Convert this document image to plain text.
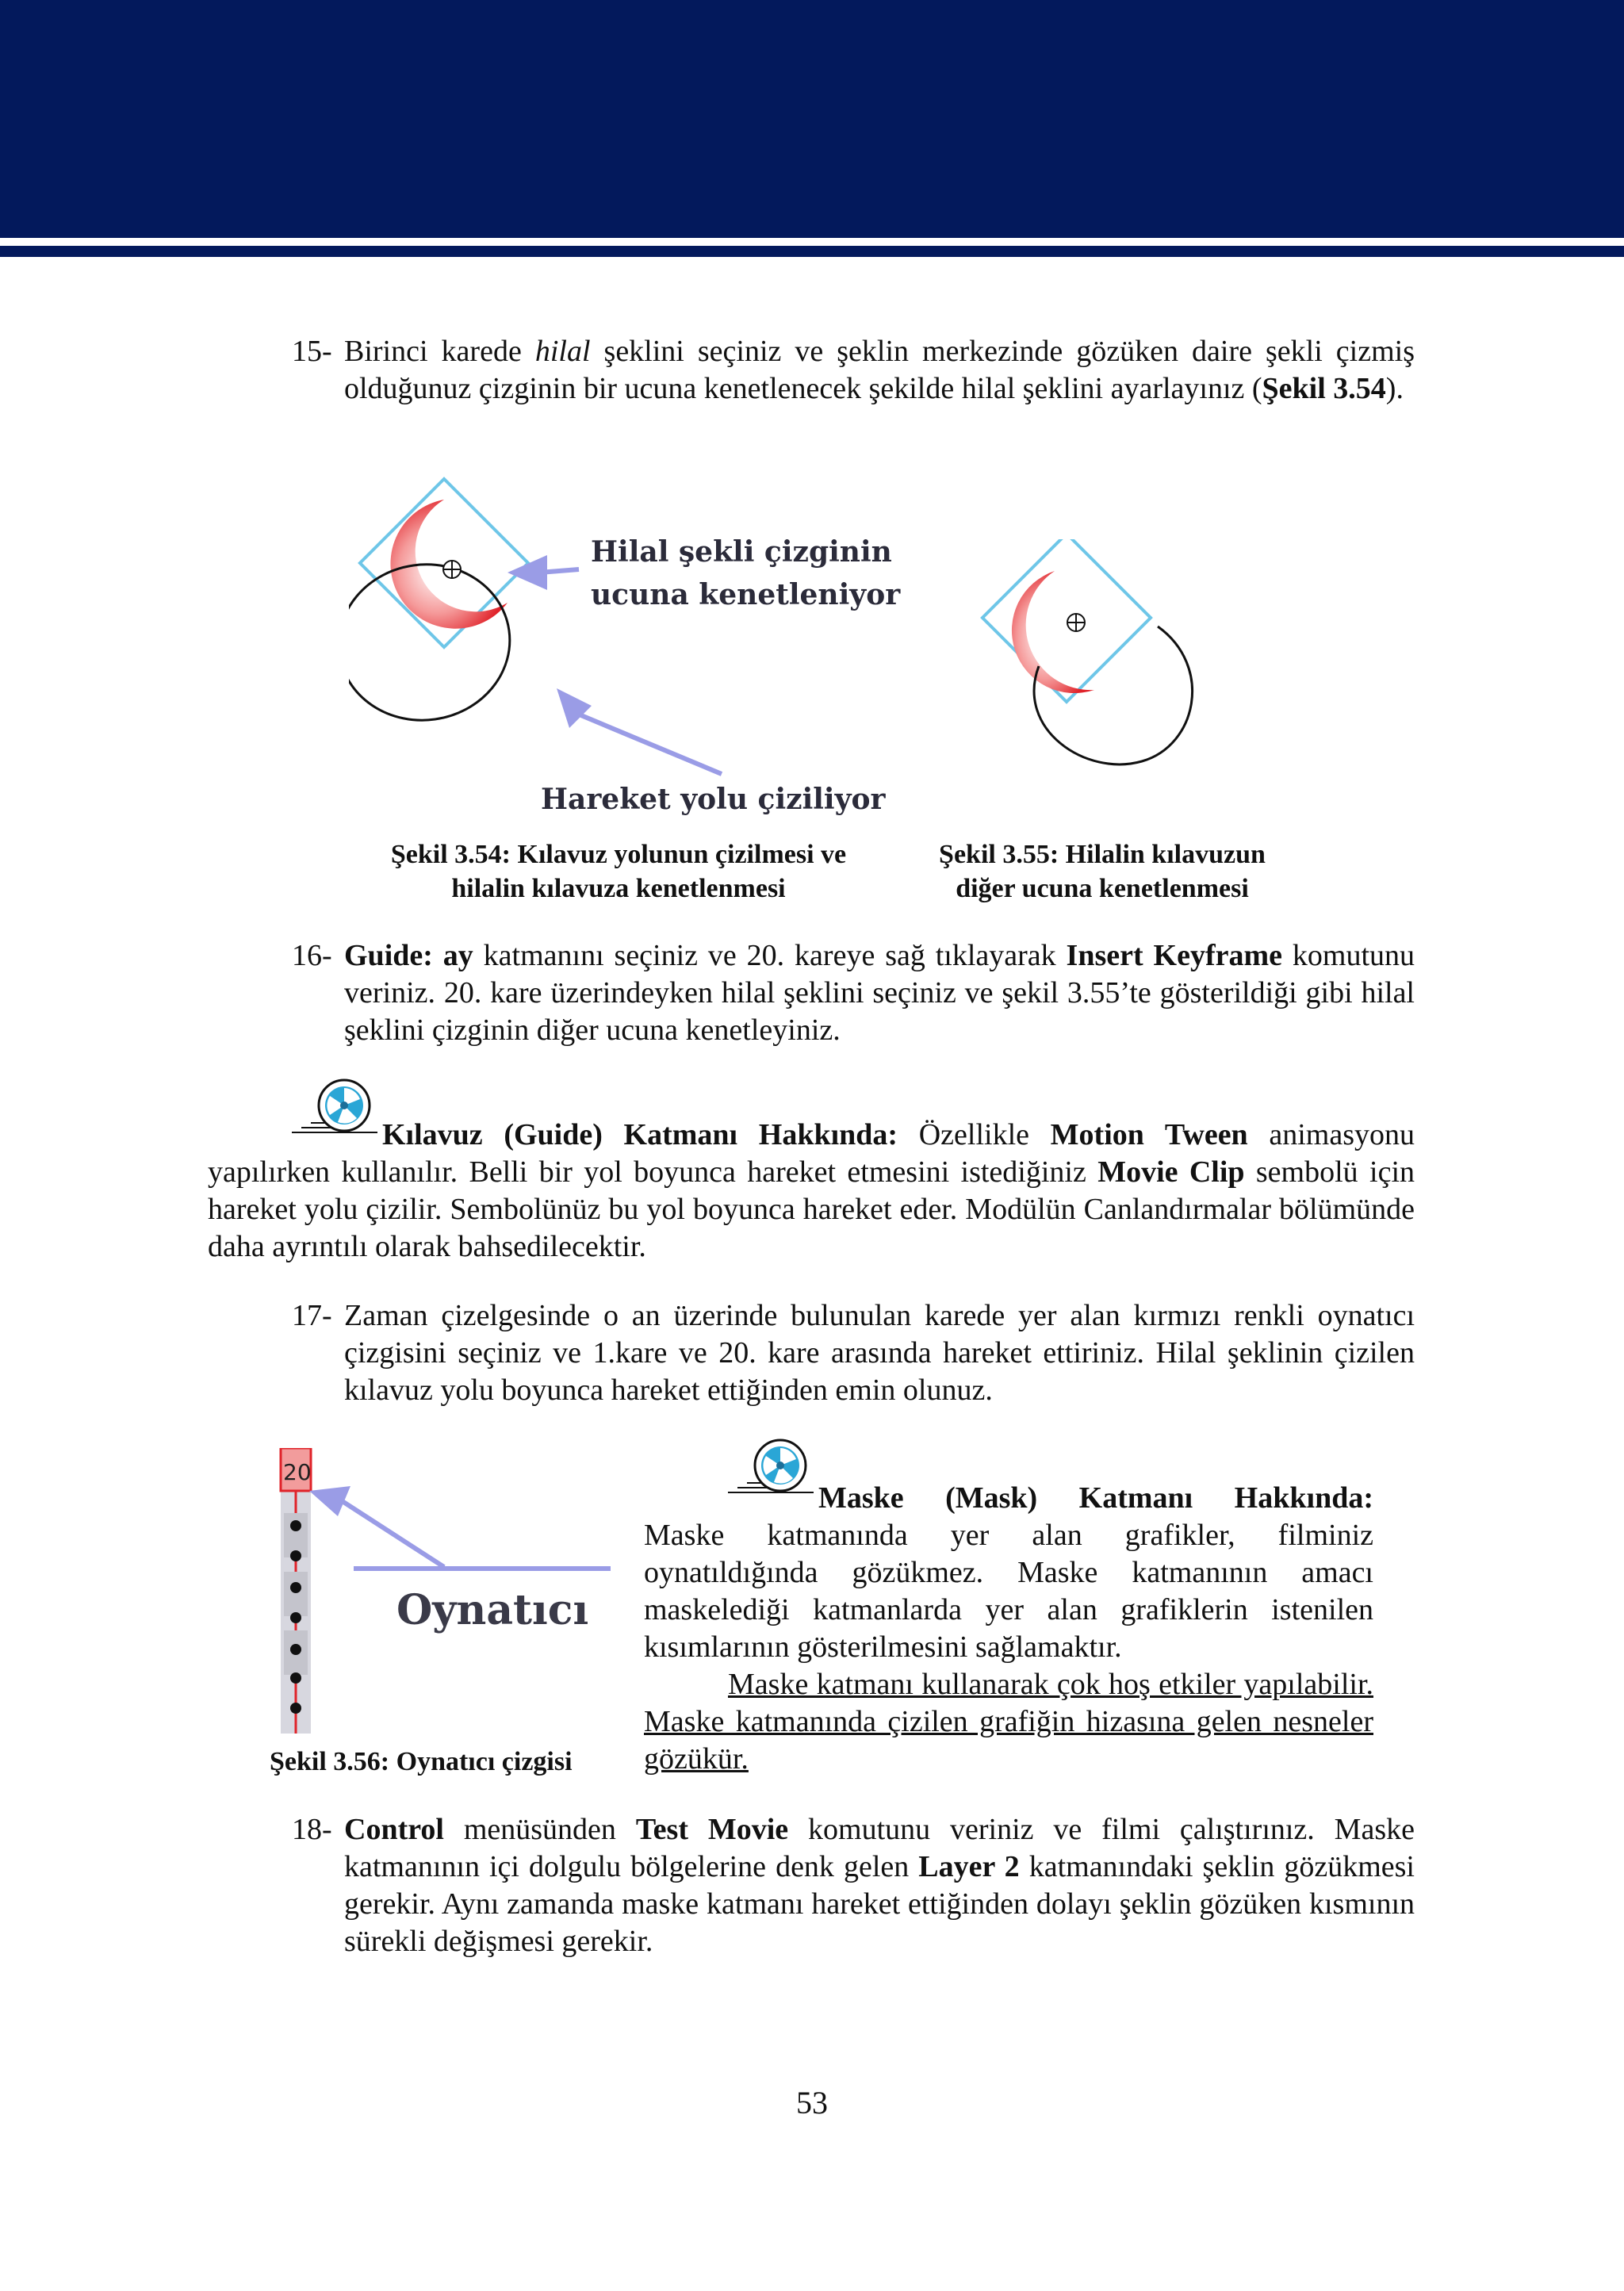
15- Birinci karede hilal şeklini seçiniz ve şeklin merkezinde gözüken daire şekli çizmiş olduğunuz çizginin bir ucuna kenetlenecek şekilde hilal şeklini ayarlayınız (Şekil 3.54).
Hilal şekli çizginin
ucuna kenetleniyor
Hareket yolu çiziliyor
Şekil 3.54: Kılavuz yolunun çizilmesi ve
hilalin kılavuza kenetlenmesi
Şekil 3.55: Hilalin kılavuzun
diğer ucuna kenetlenmesi
16- Guide: ay katmanını seçiniz ve 20. kareye sağ tıklayarak Insert Keyframe komutunu veriniz. 20. kare üzerindeyken hilal şeklini seçiniz ve şekil 3.55’te gösterildiği gibi hilal şeklini çizginin diğer ucuna kenetleyiniz.
Kılavuz (Guide) Katmanı Hakkında: Özellikle Motion Tween animasyonu yapılırken kullanılır. Belli bir yol boyunca hareket etmesini istediğiniz Movie Clip sembolü için hareket yolu çizilir. Sembolünüz bu yol boyunca hareket eder. Modülün Canlandırmalar bölümünde daha ayrıntılı olarak bahsedilecektir.
17- Zaman çizelgesinde o an üzerinde bulunulan karede yer alan kırmızı renkli oynatıcı çizgisini seçiniz ve 1.kare ve 20. kare arasında hareket ettiriniz. Hilal şeklinin çizilen kılavuz yolu boyunca hareket ettiğinden emin olunuz.
20
Oynatıcı
Şekil 3.56: Oynatıcı çizgisi
Maske (Mask) Katmanı Hakkında:
Maske katmanında yer alan grafikler, filminiz oynatıldığında gözükmez. Maske katmanının amacı maskelediği katmanlarda yer alan grafiklerin istenilen kısımlarının gösterilmesini sağlamaktır.
Maske katmanı kullanarak çok hoş etkiler yapılabilir. Maske katmanında çizilen grafiğin hizasına gelen nesneler gözükür.
18- Control menüsünden Test Movie komutunu veriniz ve filmi çalıştırınız. Maske katmanının içi dolgulu bölgelerine denk gelen Layer 2 katmanındaki şeklin gözükmesi gerekir. Aynı zamanda maske katmanı hareket ettiğinden dolayı şeklin gözüken kısmının sürekli değişmesi gerekir.
53
